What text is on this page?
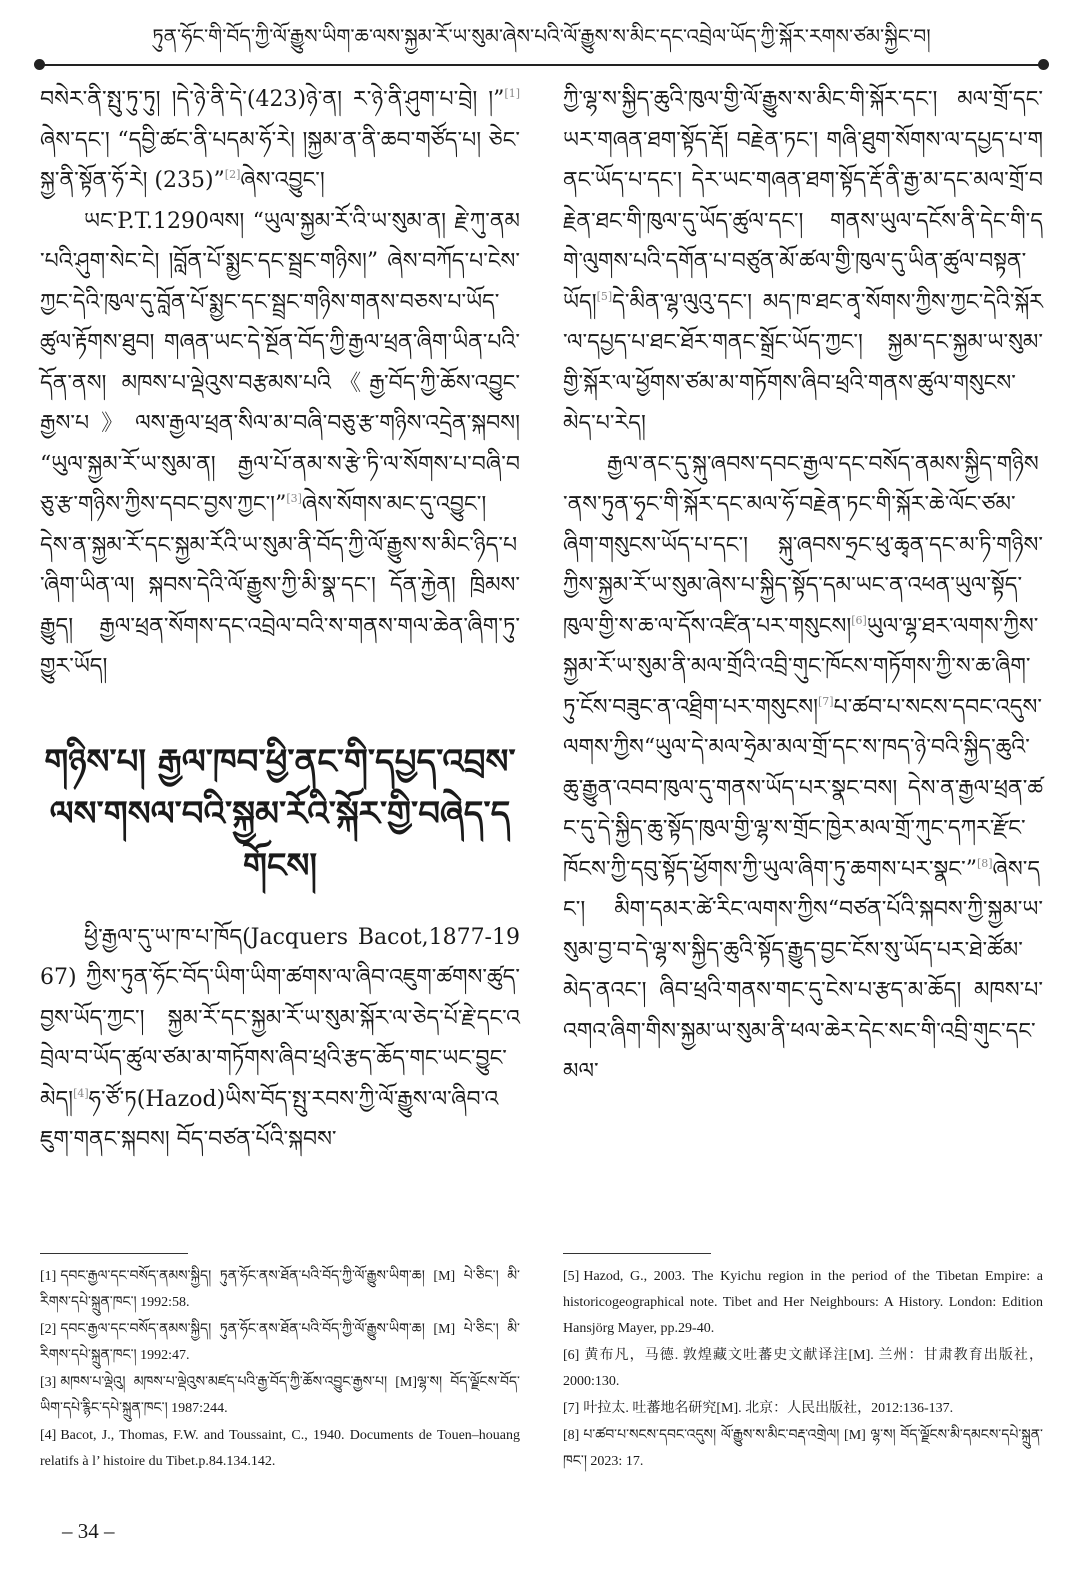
ཏུན་ཧོང་གི་བོད་ཀྱི་ལོ་རྒྱུས་ཡིག་ཆ་ལས་སྐྱམ་རོ་ཡ་སུམ་ཞེས་པའི་ལོ་རྒྱུས་ས་མིང་དང་འབྲེལ་ཡོད་ཀྱི་སྐོར་རགས་ཙམ་སྐྱིང་བ།

བསེར་ནི་སྤུ་ཏུ་ཏུ། །དེ་ཉེ་ནི་དེ་(423)ཉེ་ན། ར་ཉེ་ནི་ཤུག་པ་བྲེ། །”[1]ཞེས་དང་། “དབྱི་ཚང་ནི་པདམ་ཧོ་རེ། །སྐྱམ་ན་ནི་ཆབ་གཙོད་པ། ཅེང་སྐྱ་ནི་སྟོན་ཧོ་རེ། (235)”[2]ཞེས་འབྱུང་།

ཡང་P.T.1290ལས། “ཡུལ་སྐྱམ་རོ་འི་ཡ་སུམ་ན། རྗེ་ཀུ་ནམ་པའི་ཤུག་སེང་ངེ། །བློན་པོ་སྨྱང་དང་སྦྲང་གཉིས།” ཞེས་བཀོད་པ་ངེས་ཀྱང་དེའི་ཁུལ་དུ་བློན་པོ་སྨྱང་དང་སྦྲང་གཉིས་གནས་བཅས་པ་ཡོད་ཚུལ་རྟོགས་ཐུབ། གཞན་ཡང་དེ་སྔོན་བོད་ཀྱི་རྒྱལ་ཕྲན་ཞིག་ཡིན་པའི་དོན་ནས། མཁས་པ་ལྡེའུས་བརྩམས་པའི《རྒྱ་བོད་ཀྱི་ཆོས་འབྱུང་རྒྱས་པ》ལས་རྒྱལ་ཕྲན་སིལ་མ་བཞི་བཅུ་རྩ་གཉིས་འདྲེན་སྐབས། “ཡུལ་སྐྱམ་རོ་ཡ་སུམ་ན། རྒྱལ་པོ་ནམ་ས་རྩེ་ཏི་ལ་སོགས་པ་བཞི་བཅུ་རྩ་གཉིས་ཀྱིས་དབང་བྱས་ཀྱང་།”[3]ཞེས་སོགས་མང་དུ་འབྱུང་། དེས་ན་སྐྱམ་རོ་དང་སྐྱམ་རོའི་ཡ་སུམ་ནི་བོད་ཀྱི་ལོ་རྒྱུས་ས་མིང་ཉིད་པ་ཞིག་ཡིན་ལ། སྐབས་དེའི་ལོ་རྒྱུས་ཀྱི་མི་སྣ་དང་། དོན་རྐྱེན། ཁྲིམས་རྒྱུད། རྒྱལ་ཕྲན་སོགས་དང་འབྲེལ་བའི་ས་གནས་གལ་ཆེན་ཞིག་ཏུ་གྱུར་ཡོད།

གཉིས་པ། རྒྱལ་ཁབ་ཕྱི་ནང་གི་དཔྱད་འབྲས་ལས་གསལ་བའི་སྐྱམ་རོའི་སྐོར་གྱི་བཞེད་དགོངས།

ཕྱི་རྒྱལ་དུ་ཡ་ཁ་པ་ཁོད(Jacquers Bacot,1877-1967) ཀྱིས་ཏུན་ཧོང་བོད་ཡིག་ཡིག་ཚགས་ལ་ཞིབ་འཇུག་ཚགས་ཚུད་བྱས་ཡོད་ཀྱང་། སྐྱམ་རོ་དང་སྐྱམ་རོ་ཡ་སུམ་སྐོར་ལ་ཅེད་པོ་རྗེ་དང་འབྲེལ་བ་ཡོད་ཚུལ་ཙམ་མ་གཏོགས་ཞིབ་ཕྲའི་རྩད་ཆོད་གང་ཡང་བྱུང་མེད།[4]ཧ་ཙོ་ཏ(Hazod)ཡིས་བོད་སྤུ་རབས་ཀྱི་ལོ་རྒྱུས་ལ་ཞིབ་འཇུག་གནང་སྐབས། བོད་བཙན་པོའི་སྐབས་

ཀྱི་ལྷ་ས་སྐྱིད་ཆུའི་ཁུལ་གྱི་ལོ་རྒྱུས་ས་མིང་གི་སྐོར་དང་། མལ་གྲོ་དང་ཡར་གཞན་ཐག་སྟོད་རྡོ། བརྗེན་ཏང་། གཞི་ཐུག་སོགས་ལ་དཔྱད་པ་གནང་ཡོད་པ་དང་། དེར་ཡང་གཞན་ཐག་སྟོད་རྡོ་ནི་རྒྱ་མ་དང་མལ་གྲོ་བརྗེན་ཐང་གི་ཁུལ་དུ་ཡོད་ཚུལ་དང་། གནས་ཡུལ་དངོས་ནི་དེང་གི་དགེ་ལུགས་པའི་དགོན་པ་བཙུན་མོ་ཚལ་གྱི་ཁུལ་དུ་ཡིན་ཚུལ་བསྟན་ཡོད།[5]དེ་མིན་ལྷ་ལུའུ་དང་། མད་ཁ་ཐང་ནྭ་སོགས་ཀྱིས་ཀྱང་དེའི་སྐོར་ལ་དཔྱད་པ་ཐང་ཐོར་གནང་སྒྲོང་ཡོད་ཀྱང་། སྐྱམ་དང་སྐྱམ་ཡ་སུམ་གྱི་སྐོར་ལ་ཕྱོགས་ཙམ་མ་གཏོགས་ཞིབ་ཕྲའི་གནས་ཚུལ་གསུངས་མེད་པ་རེད།

རྒྱལ་ནང་དུ་སྐུ་ཞབས་དབང་རྒྱལ་དང་བསོད་ནམས་སྐྱིད་གཉིས་ནས་ཏུན་ཧྭང་གི་སྐོར་དང་མལ་ཧོ་བརྗེན་ཏང་གི་སྐོར་ཆེ་ལོང་ཙམ་ཞིག་གསུངས་ཡོད་པ་དང་། སྐུ་ཞབས་ཧྲང་ཕུ་ཆྭན་དང་མ་ཏི་གཉིས་ཀྱིས་སྐྱམ་རོ་ཡ་སུམ་ཞེས་པ་སྐྱིད་སྟོད་དམ་ཡང་ན་འཕན་ཡུལ་སྟོད་ཁུལ་གྱི་ས་ཆ་ལ་དོས་འཛིན་པར་གསུངས།[6]ཡུལ་ལྷ་ཐར་ལགས་ཀྱིས་སྐྱམ་རོ་ཡ་སུམ་ནི་མལ་གྲོའི་འབྲི་གུང་ཁོངས་གཏོགས་ཀྱི་ས་ཆ་ཞིག་ཏུ་ངོས་བཟུང་ན་འཐྲིག་པར་གསུངས།[7]པ་ཚབ་པ་སངས་དབང་འདུས་ལགས་ཀྱིས“ཡུལ་དེ་མལ་ཧྲེམ་མལ་གྲོ་དང་ས་ཁད་ཉེ་བའི་སྐྱིད་ཆུའི་ཆུ་རྒྱུན་འབབ་ཁུལ་དུ་གནས་ཡོད་པར་སྣང་བས། དེས་ན་རྒྱལ་ཕྲན་ཚང་དུ་དེ་སྐྱིད་ཆུ་སྟོད་ཁུལ་གྱི་ལྷ་ས་གྲོང་ཁྱེར་མལ་གྲོ་ཀུང་དཀར་རྫོང་ཁོངས་ཀྱི་དབུ་སྟོད་ཕྱོགས་ཀྱི་ཡུལ་ཞིག་ཏུ་ཆགས་པར་སྣང་”[8]ཞེས་དང་། མིག་དམར་ཚེ་རིང་ལགས་ཀྱིས“བཙན་པོའི་སྐབས་ཀྱི་སྐྱམ་ཡ་སུམ་བྱ་བ་དེ་ལྷ་ས་སྐྱིད་ཆུའི་སྟོད་རྒྱུད་བྱང་ངོས་སུ་ཡོད་པར་ཐེ་ཚོམ་མེད་ནའང་། ཞིབ་ཕྲའི་གནས་གང་དུ་ངེས་པ་རྩད་མ་ཆོད། མཁས་པ་འགའ་ཞིག་གིས་སྐྱམ་ཡ་སུམ་ནི་ཕལ་ཆེར་དེང་སང་གི་འབྲི་གུང་དང་མལ་

[1] དབང་རྒྱལ་དང་བསོད་ནམས་སྐྱིད། ཏུན་ཧོང་ནས་ཐོན་པའི་བོད་ཀྱི་ལོ་རྒྱུས་ཡིག་ཆ། [M] པེ་ཅིང་། མི་རིགས་དཔེ་སྐྲུན་ཁང་། 1992:58.

[2] དབང་རྒྱལ་དང་བསོད་ནམས་སྐྱིད། ཏུན་ཧོང་ནས་ཐོན་པའི་བོད་ཀྱི་ལོ་རྒྱུས་ཡིག་ཆ། [M] པེ་ཅིང་། མི་རིགས་དཔེ་སྐྲུན་ཁང་། 1992:47.

[3] མཁས་པ་ལྡེའུ། མཁས་པ་ལྡེའུས་མཛད་པའི་རྒྱ་བོད་ཀྱི་ཆོས་འབྱུང་རྒྱས་པ། [M]ལྷ་ས། བོད་ལྗོངས་བོད་ཡིག་དཔེ་རྙིང་དཔེ་སྐྲུན་ཁང་། 1987:244.

[4] Bacot, J., Thomas, F.W. and Toussaint, C., 1940. Documents de Touen–houang relatifs à l’ histoire du Tibet.p.84.134.142.

[5] Hazod, G., 2003. The Kyichu region in the period of the Tibetan Empire: a historicogeographical note. Tibet and Her Neighbours: A History. London: Edition Hansjörg Mayer, pp.29-40.

[6] 黄布凡，马德. 敦煌藏文吐蕃史文献译注[M]. 兰州：甘肃教育出版社，2000:130.

[7] 叶拉太. 吐蕃地名研究[M]. 北京：人民出版社，2012:136-137.

[8] པ་ཚབ་པ་སངས་དབང་འདུས། ལོ་རྒྱུས་ས་མིང་བརྡ་འགྲེལ། [M] ལྷ་ས། བོད་ལྗོངས་མི་དམངས་དཔེ་སྐྲུན་ཁང་། 2023: 17.

– 34 –
